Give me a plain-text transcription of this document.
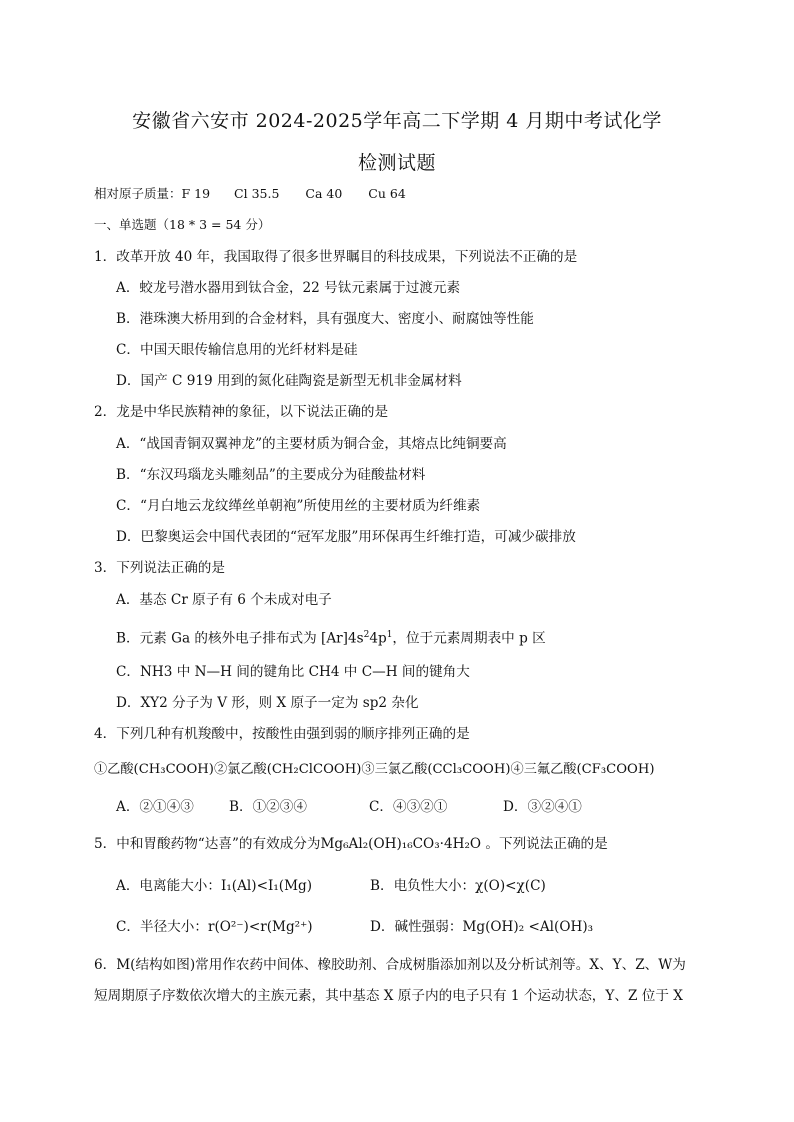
安徽省六安市 2024-2025学年高二下学期 4 月期中考试化学
检测试题
相对原子质量：F 19 Cl 35.5 Ca 40 Cu 64
一、单选题（18 * 3 = 54 分）
1．改革开放 40 年，我国取得了很多世界瞩目的科技成果，下列说法不正确的是
A．蛟龙号潜水器用到钛合金，22 号钛元素属于过渡元素
B．港珠澳大桥用到的合金材料，具有强度大、密度小、耐腐蚀等性能
C．中国天眼传输信息用的光纤材料是硅
D．国产 C 919 用到的氮化硅陶瓷是新型无机非金属材料
2．龙是中华民族精神的象征，以下说法正确的是
A．“战国青铜双翼神龙”的主要材质为铜合金，其熔点比纯铜要高
B．“东汉玛瑙龙头雕刻品”的主要成分为硅酸盐材料
C．“月白地云龙纹缂丝单朝袍”所使用丝的主要材质为纤维素
D．巴黎奥运会中国代表团的“冠军龙服”用环保再生纤维打造，可减少碳排放
3．下列说法正确的是
A．基态 Cr 原子有 6 个未成对电子
B．元素 Ga 的核外电子排布式为 $[Ar]4s^24p^1$，位于元素周期表中 p 区
C．NH3 中 N—H 间的键角比 CH4 中 C—H 间的键角大
D．XY2 分子为 V 形，则 X 原子一定为 sp2 杂化
4．下列几种有机羧酸中，按酸性由强到弱的顺序排列正确的是
①乙酸(CH₃COOH)②氯乙酸(CH₂ClCOOH)③三氯乙酸(CCl₃COOH)④三氟乙酸(CF₃COOH)
A．②①④③	B．①②③④	C．④③②①	D．③②④①
5．中和胃酸药物“达喜”的有效成分为Mg₆Al₂(OH)₁₆CO₃·4H₂O 。下列说法正确的是
A．电离能大小：I₁(Al)<I₁(Mg)	B．电负性大小：χ(O)<χ(C)
C．半径大小：r(O²⁻)<r(Mg²⁺)	D．碱性强弱：Mg(OH)₂ <Al(OH)₃
6．M(结构如图)常用作农药中间体、橡胶助剂、合成树脂添加剂以及分析试剂等。X、Y、Z、W为
短周期原子序数依次增大的主族元素，其中基态 X 原子内的电子只有 1 个运动状态，Y、Z 位于 X
